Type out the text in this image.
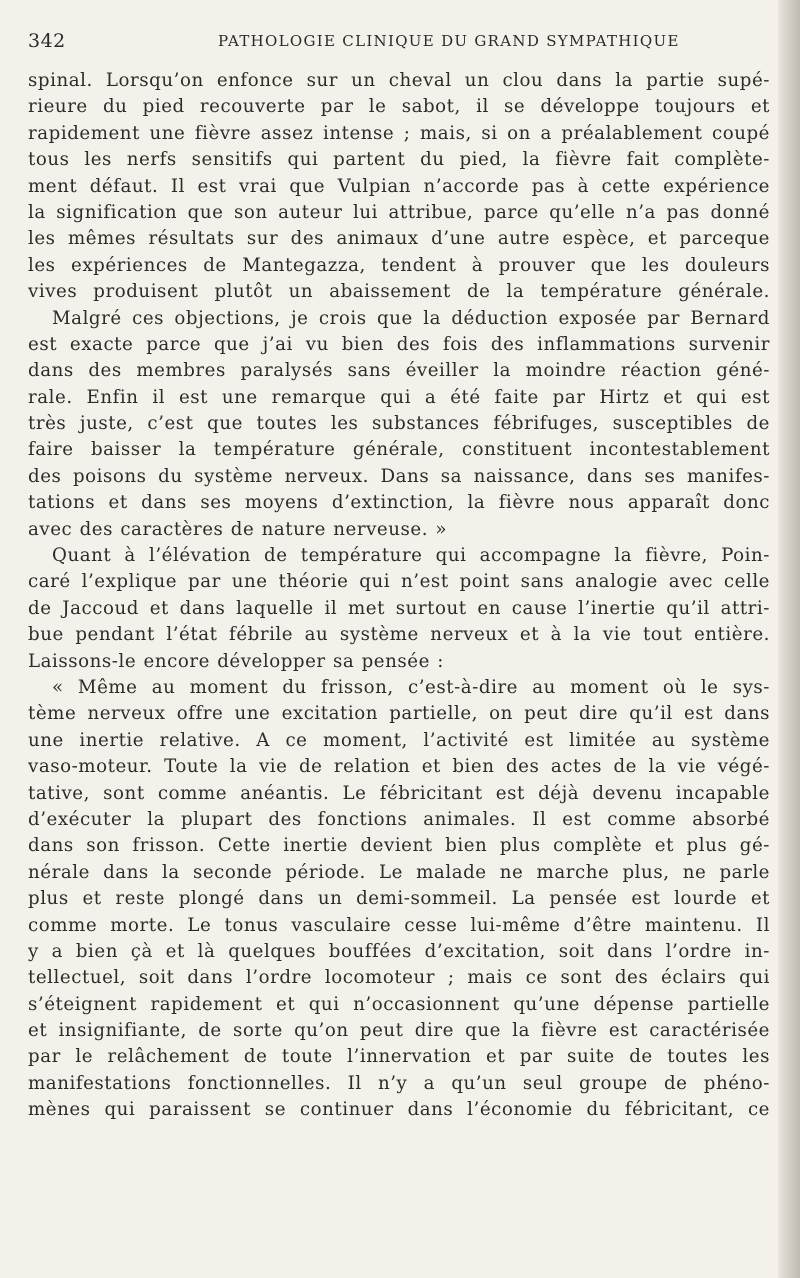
342	PATHOLOGIE CLINIQUE DU GRAND SYMPATHIQUE
spinal. Lorsqu’on enfonce sur un cheval un clou dans la partie supé-
rieure du pied recouverte par le sabot, il se développe toujours et
rapidement une fièvre assez intense ; mais, si on a préalablement coupé
tous les nerfs sensitifs qui partent du pied, la fièvre fait complète-
ment défaut. Il est vrai que Vulpian n’accorde pas à cette expérience
la signification que son auteur lui attribue, parce qu’elle n’a pas donné
les mêmes résultats sur des animaux d’une autre espèce, et parceque
les expériences de Mantegazza, tendent à prouver que les douleurs
vives produisent plutôt un abaissement de la température générale.
Malgré ces objections, je crois que la déduction exposée par Bernard
est exacte parce que j’ai vu bien des fois des inflammations survenir
dans des membres paralysés sans éveiller la moindre réaction géné-
rale. Enfin il est une remarque qui a été faite par Hirtz et qui est
très juste, c’est que toutes les substances fébrifuges, susceptibles de
faire baisser la température générale, constituent incontestablement
des poisons du système nerveux. Dans sa naissance, dans ses manifes-
tations et dans ses moyens d’extinction, la fièvre nous apparaît donc
avec des caractères de nature nerveuse. »
Quant à l’élévation de température qui accompagne la fièvre, Poin-
caré l’explique par une théorie qui n’est point sans analogie avec celle
de Jaccoud et dans laquelle il met surtout en cause l’inertie qu’il attri-
bue pendant l’état fébrile au système nerveux et à la vie tout entière.
Laissons-le encore développer sa pensée :
« Même au moment du frisson, c’est-à-dire au moment où le sys-
tème nerveux offre une excitation partielle, on peut dire qu’il est dans
une inertie relative. A ce moment, l’activité est limitée au système
vaso-moteur. Toute la vie de relation et bien des actes de la vie végé-
tative, sont comme anéantis. Le fébricitant est déjà devenu incapable
d’exécuter la plupart des fonctions animales. Il est comme absorbé
dans son frisson. Cette inertie devient bien plus complète et plus gé-
nérale dans la seconde période. Le malade ne marche plus, ne parle
plus et reste plongé dans un demi-sommeil. La pensée est lourde et
comme morte. Le tonus vasculaire cesse lui-même d’être maintenu. Il
y a bien çà et là quelques bouffées d’excitation, soit dans l’ordre in-
tellectuel, soit dans l’ordre locomoteur ; mais ce sont des éclairs qui
s’éteignent rapidement et qui n’occasionnent qu’une dépense partielle
et insignifiante, de sorte qu’on peut dire que la fièvre est caractérisée
par le relâchement de toute l’innervation et par suite de toutes les
manifestations fonctionnelles. Il n’y a qu’un seul groupe de phéno-
mènes qui paraissent se continuer dans l’économie du fébricitant, ce
